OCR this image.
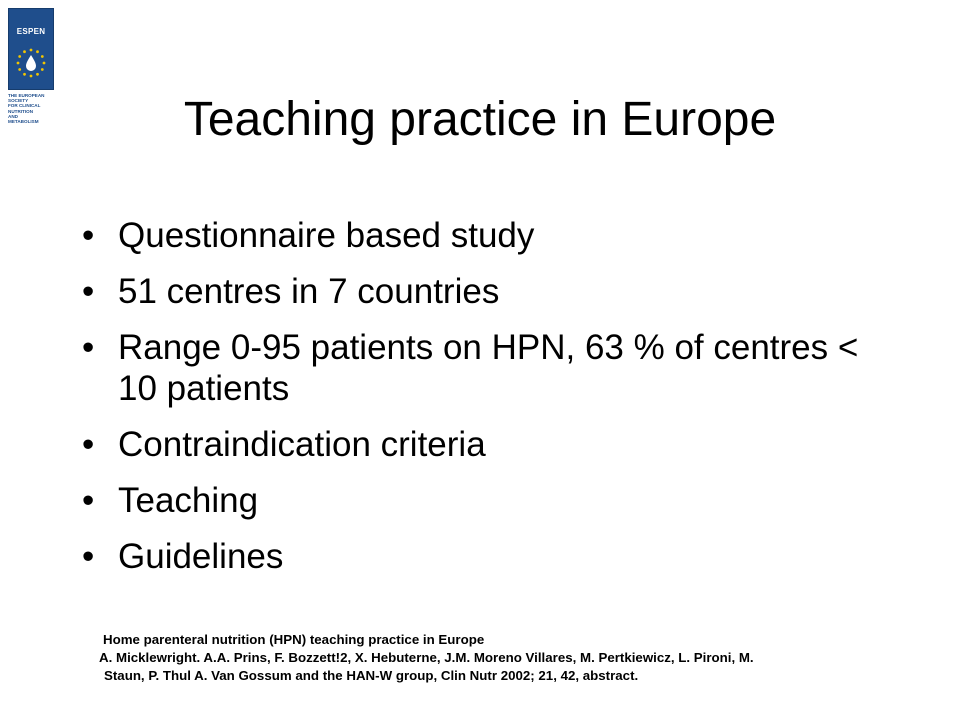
ESPEN
THE EUROPEAN
SOCIETY
FOR CLINICAL
NUTRITION
AND
METABOLISM	Teaching practice in Europe
• Questionnaire based study
• 51 centres in 7 countries
• Range 0-95 patients on HPN, 63 % of centres < 10 patients
• Contraindication criteria
• Teaching
• Guidelines
Home parenteral nutrition (HPN) teaching practice in Europe

A. Micklewright. A.A. Prins, F. Bozzett!2, X. Hebuterne, J.M. Moreno Villares, M. Pertkiewicz, L. Pironi, M.
Staun, P. Thul A. Van Gossum and the HAN-W group, Clin Nutr 2002; 21, 42, abstract.
